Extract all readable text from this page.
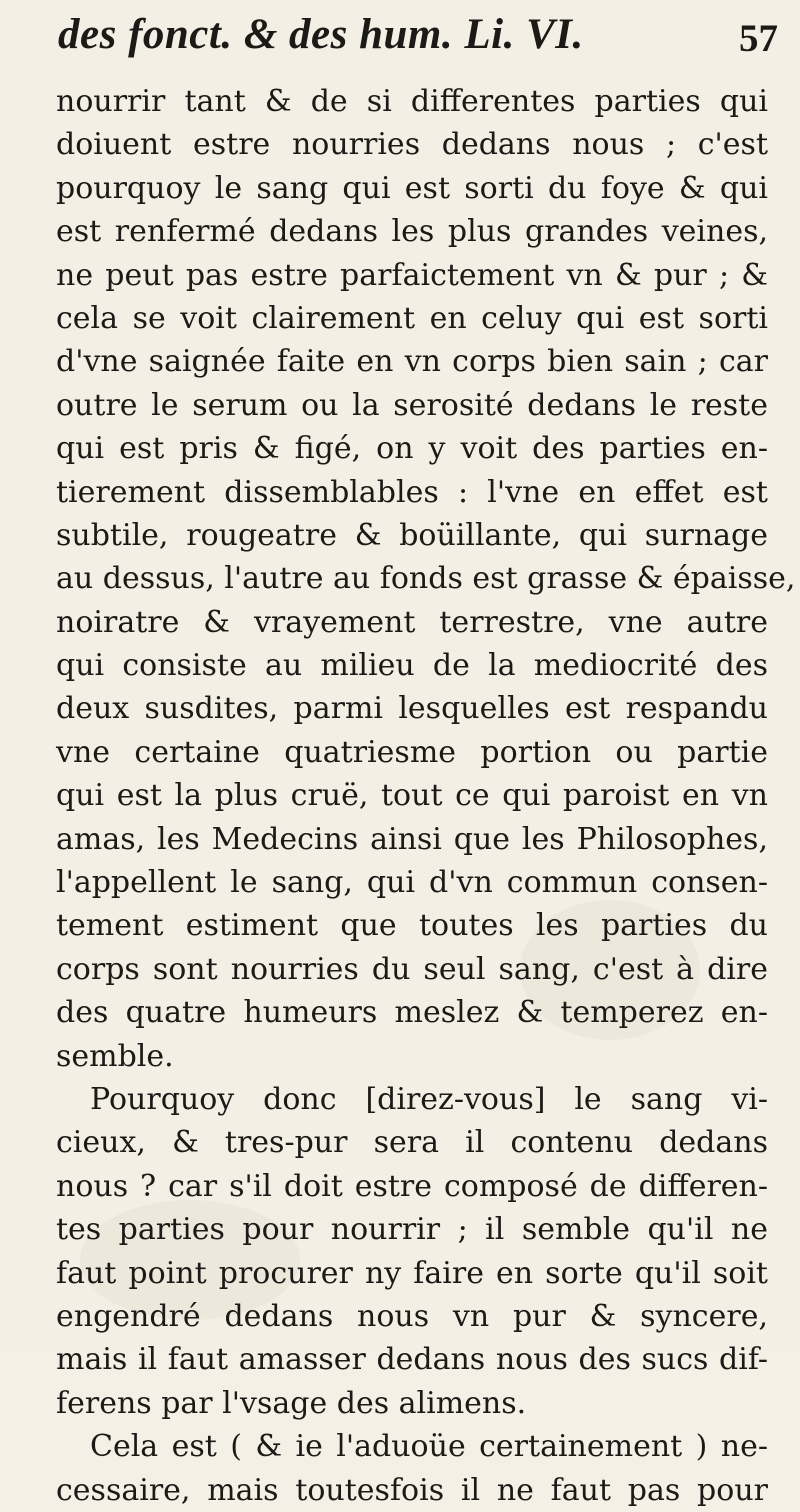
des fonct. & des hum. Li. VI.	57
nourrir tant & de si differentes parties qui
doiuent estre nourries dedans nous ; c'est
pourquoy le sang qui est sorti du foye & qui
est renfermé dedans les plus grandes veines,
ne peut pas estre parfaictement vn & pur ; &
cela se voit clairement en celuy qui est sorti
d'vne saignée faite en vn corps bien sain ; car
outre le serum ou la serosité dedans le reste
qui est pris & figé, on y voit des parties en-
tierement dissemblables : l'vne en effet est
subtile, rougeatre & boüillante, qui surnage
au dessus, l'autre au fonds est grasse & épaisse,
noiratre & vrayement terrestre, vne autre
qui consiste au milieu de la mediocrité des
deux susdites, parmi lesquelles est respandu
vne certaine quatriesme portion ou partie
qui est la plus cruë, tout ce qui paroist en vn
amas, les Medecins ainsi que les Philosophes,
l'appellent le sang, qui d'vn commun consen-
tement estiment que toutes les parties du
corps sont nourries du seul sang, c'est à dire
des quatre humeurs meslez & temperez en-
semble.
Pourquoy donc [direz-vous] le sang vi-
cieux, & tres-pur sera il contenu dedans
nous ? car s'il doit estre composé de differen-
tes parties pour nourrir ; il semble qu'il ne
faut point procurer ny faire en sorte qu'il soit
engendré dedans nous vn pur & syncere,
mais il faut amasser dedans nous des sucs dif-
ferens par l'vsage des alimens.
Cela est ( & ie l'aduoüe certainement ) ne-
cessaire, mais toutesfois il ne faut pas pour
